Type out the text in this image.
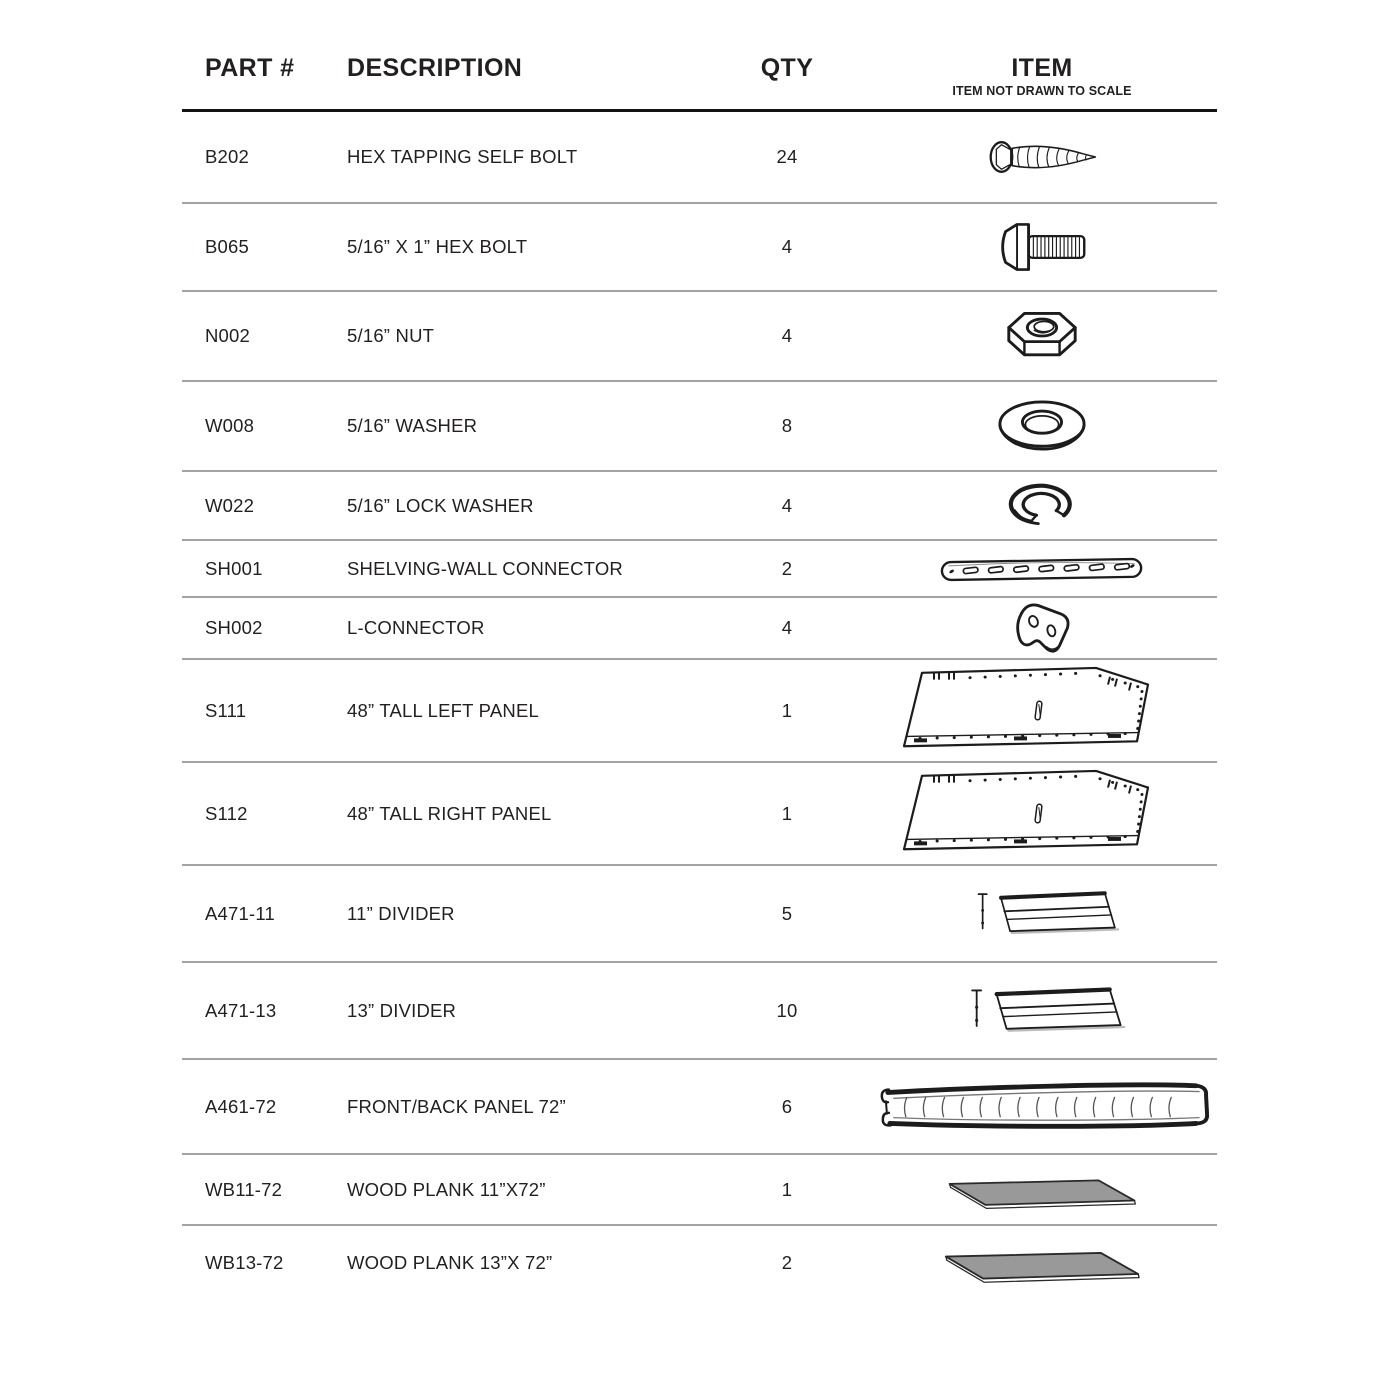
PART #	DESCRIPTION	QTY	ITEM
ITEM NOT DRAWN TO SCALE
B202	HEX TAPPING SELF BOLT	24
B065	5/16” X 1” HEX BOLT	4
N002	5/16” NUT	4
W008	5/16” WASHER	8
W022	5/16” LOCK WASHER	4
SH001	SHELVING-WALL CONNECTOR	2
SH002	L-CONNECTOR	4
S111	48” TALL LEFT PANEL	1
S112	48” TALL RIGHT PANEL	1
A471-11	11” DIVIDER	5
A471-13	13” DIVIDER	10
A461-72	FRONT/BACK PANEL 72”	6
WB11-72	WOOD PLANK 11”X72”	1
WB13-72	WOOD PLANK 13”X 72”	2
